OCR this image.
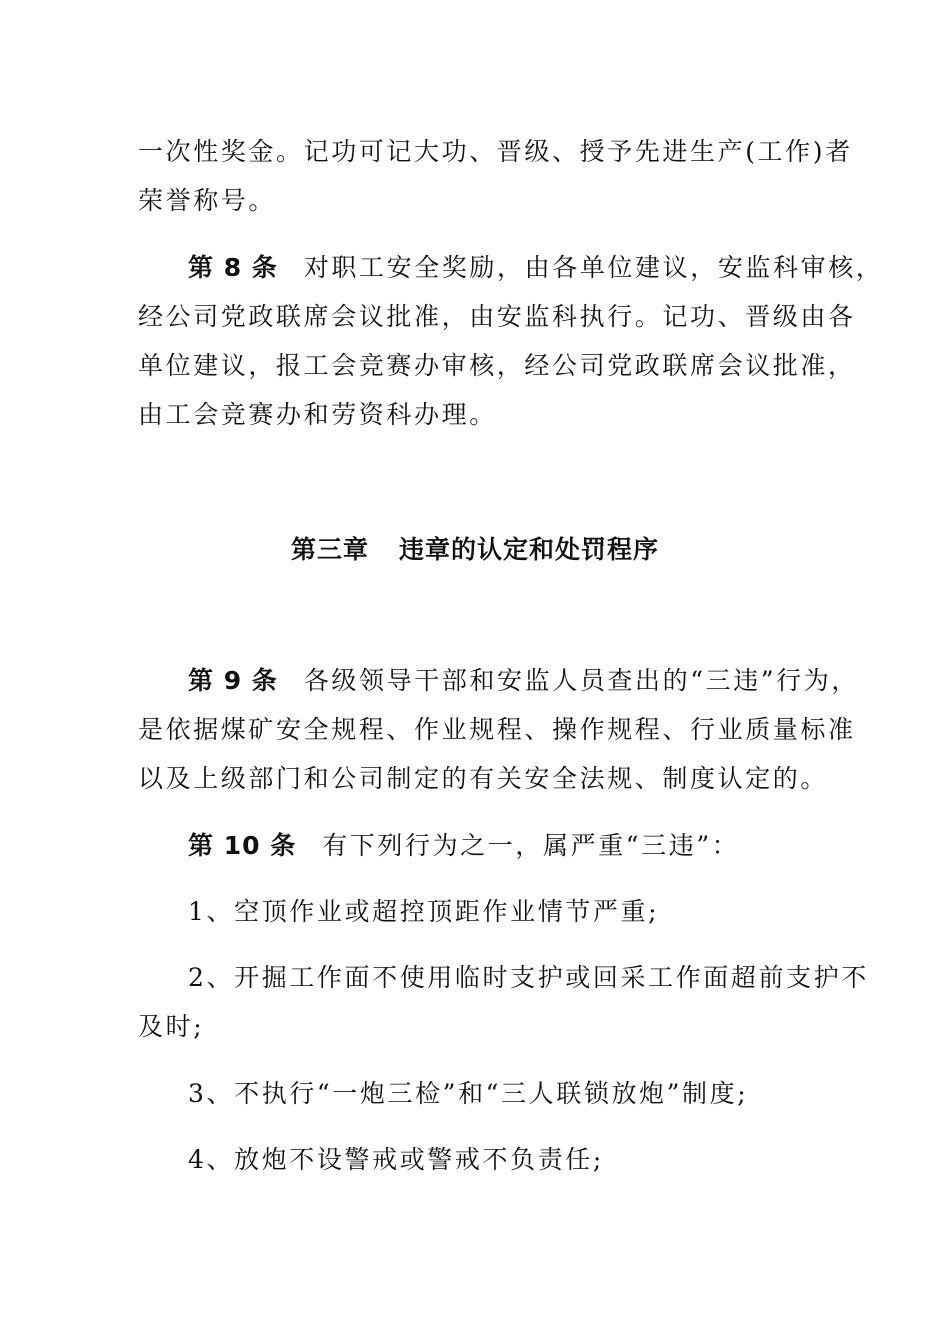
一次性奖金。记功可记大功、晋级、授予先进生产(工作)者
荣誉称号。
第 8 条 对职工安全奖励，由各单位建议，安监科审核，
经公司党政联席会议批准，由安监科执行。记功、晋级由各
单位建议，报工会竞赛办审核，经公司党政联席会议批准，
由工会竞赛办和劳资科办理。
第三章 违章的认定和处罚程序
第 9 条 各级领导干部和安监人员查出的“三违”行为，
是依据煤矿安全规程、作业规程、操作规程、行业质量标准
以及上级部门和公司制定的有关安全法规、制度认定的。
第 10 条 有下列行为之一，属严重“三违”：
1、空顶作业或超控顶距作业情节严重;
2、开掘工作面不使用临时支护或回采工作面超前支护不
及时;
3、不执行“一炮三检”和“三人联锁放炮”制度;
4、放炮不设警戒或警戒不负责任;
